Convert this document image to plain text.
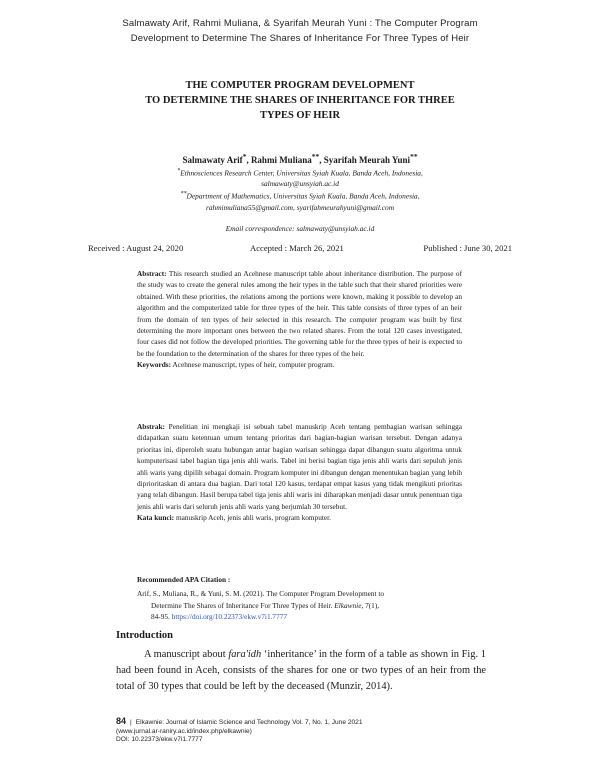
Salmawaty Arif, Rahmi Muliana, & Syarifah Meurah Yuni : The Computer Program
Development to Determine The Shares of Inheritance For Three Types of Heir
THE COMPUTER PROGRAM DEVELOPMENT
TO DETERMINE THE SHARES OF INHERITANCE FOR THREE
TYPES OF HEIR
Salmawaty Arif*, Rahmi Muliana**, Syarifah Meurah Yuni**
*Ethnosciences Research Center, Universitas Syiah Kuala, Banda Aceh, Indonesia,
salmawaty@unsyiah.ac.id
**Department of Mathematics, Universitas Syiah Kuala, Banda Aceh, Indonesia,
rahmimuliana55@gmail.com, syarifahmeurahyuni@gmail.com
Email correspondence: salmawaty@unsyiah.ac.id
Received : August 24, 2020	Accepted : March 26, 2021	Published : June 30, 2021
Abstract: This research studied an Acehnese manuscript table about inheritance distribution. The purpose of the study was to create the general rules among the heir types in the table such that their shared priorities were obtained. With these priorities, the relations among the portions were known, making it possible to develop an algorithm and the computerized table for three types of the heir. This table consists of three types of an heir from the domain of ten types of heir selected in this research. The computer program was built by first determining the more important ones between the two related shares. From the total 120 cases investigated, four cases did not follow the developed priorities. The governing table for the three types of heir is expected to be the foundation to the determination of the shares for three types of the heir.
Keywords: Acehnese manuscript, types of heir, computer program.
Abstrak: Penelitian ini mengkaji isi sebuah tabel manuskrip Aceh tentang pembagian warisan sehingga didapatkan suatu ketentuan umum tentang prioritas dari bagian-bagian warisan tersebut. Dengan adanya prioritas ini, diperoleh suatu hubungan antar bagian warisan sehingga dapat dibangun suatu algoritma untuk komputerisasi tabel bagian tiga jenis ahli waris. Tabel ini berisi bagian tiga jenis ahli waris dari sepuluh jenis ahli waris yang dipilih sebagai domain. Program komputer ini dibangun dengan menentukan bagian yang lebih diprioritaskan di antara dua bagian. Dari total 120 kasus, terdapat empat kasus yang tidak mengikuti prioritas yang telah dibangun. Hasil berupa tabel tiga jenis ahli waris ini diharapkan menjadi dasar untuk penentuan tiga jenis ahli waris dari seluruh jenis ahli waris yang berjumlah 30 tersebut.
Kata kunci: manuskrip Aceh, jenis ahli waris, program komputer.
Recommended APA Citation :
Arif, S., Muliana, R., & Yuni, S. M. (2021). The Computer Program Development to
Determine The Shares of Inheritance For Three Types of Heir. Elkawnie, 7(1),
84-95. https://doi.org/10.22373/ekw.v7i1.7777
Introduction
A manuscript about fara'idh ‘inheritance’ in the form of a table as shown in Fig. 1 had been found in Aceh, consists of the shares for one or two types of an heir from the total of 30 types that could be left by the deceased (Munzir, 2014).
84 | Elkawnie: Journal of Islamic Science and Technology Vol. 7, No. 1, June 2021
(www.jurnal.ar-raniry.ac.id/index.php/elkawnie)
DOI: 10.22373/ekw.v7i1.7777
